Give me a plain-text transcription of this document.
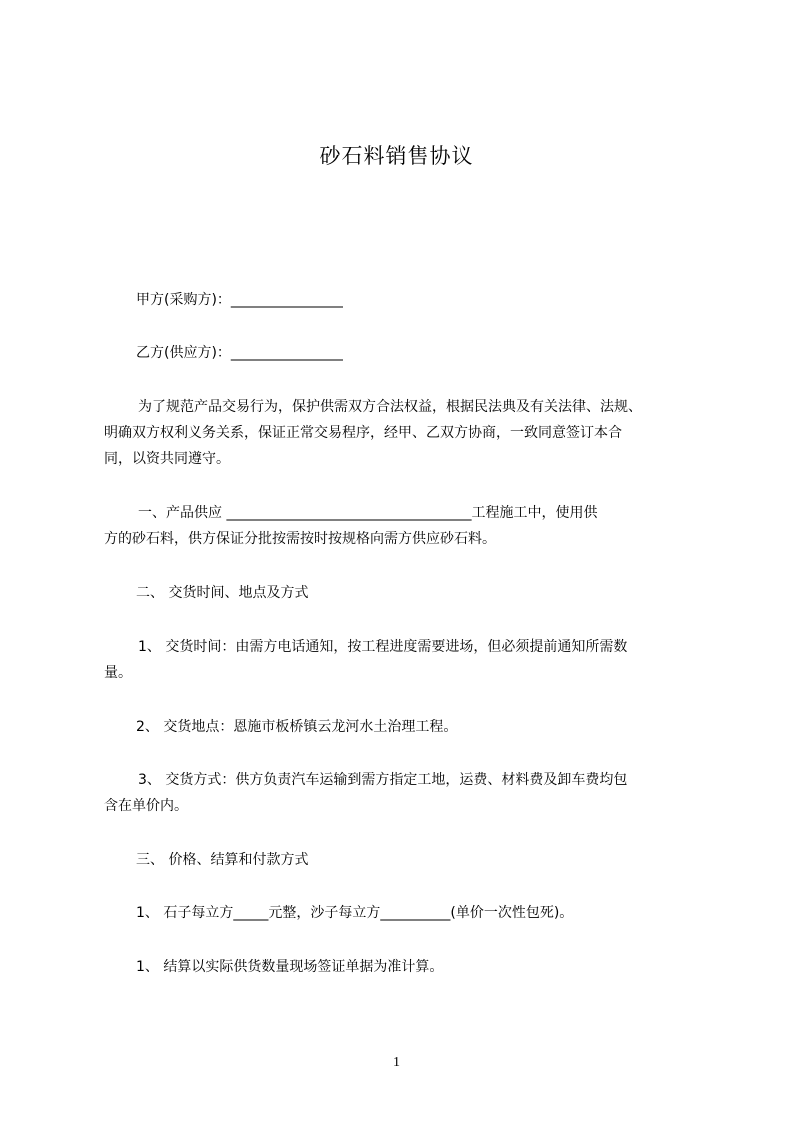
砂石料销售协议
甲方(采购方)：________________
乙方(供应方)：________________

为了规范产品交易行为，保护供需双方合法权益，根据民法典及有关法律、法规、

明确双方权利义务关系，保证正常交易程序，经甲、乙双方协商，一致同意签订本合

同，以资共同遵守。

一、产品供应 ___________________________________工程施工中，使用供

方的砂石料，供方保证分批按需按时按规格向需方供应砂石料。

二、 交货时间、地点及方式

1、 交货时间：由需方电话通知，按工程进度需要进场，但必须提前通知所需数

量。

2、 交货地点：恩施市板桥镇云龙河水土治理工程。

3、 交货方式：供方负责汽车运输到需方指定工地，运费、材料费及卸车费均包

含在单价内。

三、 价格、结算和付款方式
1、 石子每立方_____元整，沙子每立方__________(单价一次性包死)。
1、 结算以实际供货数量现场签证单据为准计算。
1
